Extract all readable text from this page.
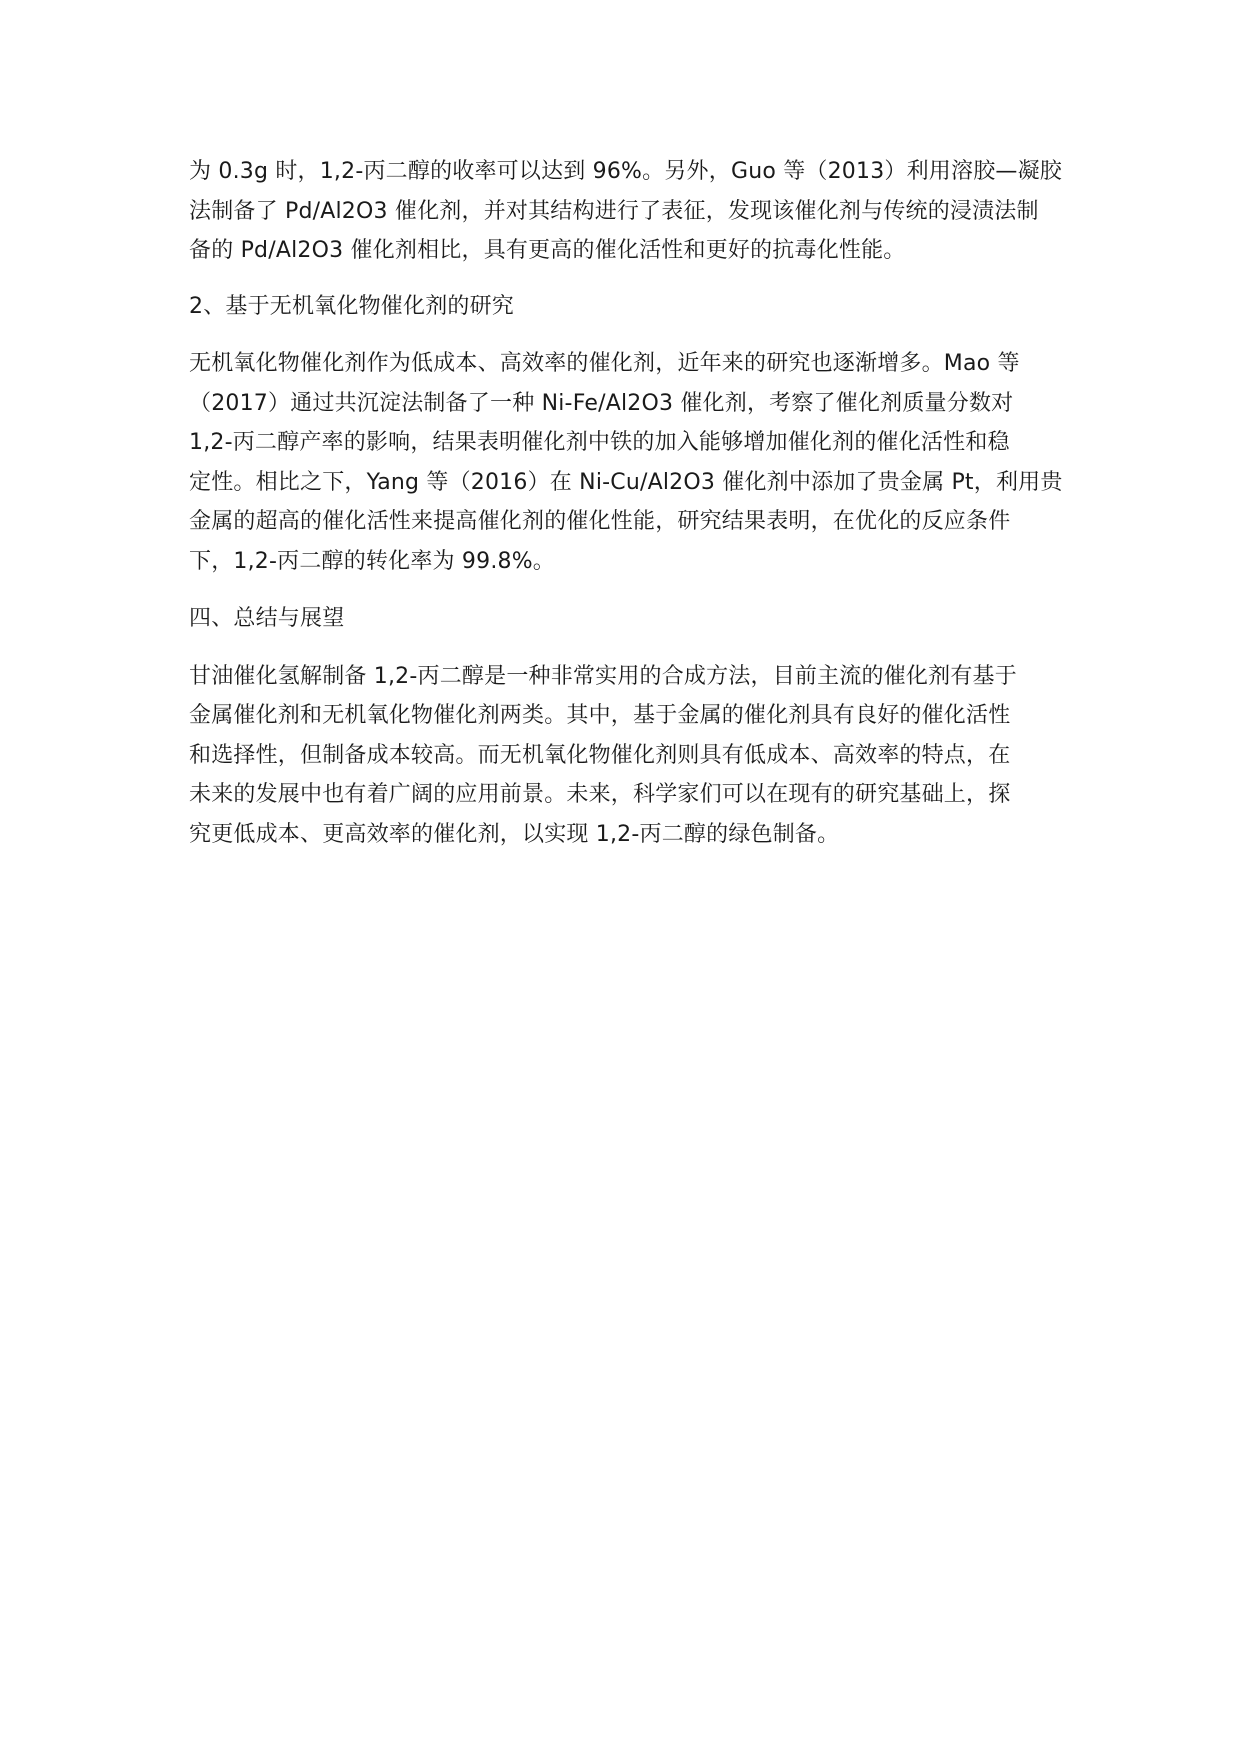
为 0.3g 时，1,2-丙二醇的收率可以达到 96%。另外，Guo 等（2013）利用溶胶—凝胶
法制备了 Pd/Al2O3 催化剂，并对其结构进行了表征，发现该催化剂与传统的浸渍法制
备的 Pd/Al2O3 催化剂相比，具有更高的催化活性和更好的抗毒化性能。

2、基于无机氧化物催化剂的研究

无机氧化物催化剂作为低成本、高效率的催化剂，近年来的研究也逐渐增多。Mao 等
（2017）通过共沉淀法制备了一种 Ni-Fe/Al2O3 催化剂，考察了催化剂质量分数对
1,2-丙二醇产率的影响，结果表明催化剂中铁的加入能够增加催化剂的催化活性和稳
定性。相比之下，Yang 等（2016）在 Ni-Cu/Al2O3 催化剂中添加了贵金属 Pt，利用贵
金属的超高的催化活性来提高催化剂的催化性能，研究结果表明，在优化的反应条件
下，1,2-丙二醇的转化率为 99.8%。

四、总结与展望

甘油催化氢解制备 1,2-丙二醇是一种非常实用的合成方法，目前主流的催化剂有基于
金属催化剂和无机氧化物催化剂两类。其中，基于金属的催化剂具有良好的催化活性
和选择性，但制备成本较高。而无机氧化物催化剂则具有低成本、高效率的特点，在
未来的发展中也有着广阔的应用前景。未来，科学家们可以在现有的研究基础上，探
究更低成本、更高效率的催化剂，以实现 1,2-丙二醇的绿色制备。
